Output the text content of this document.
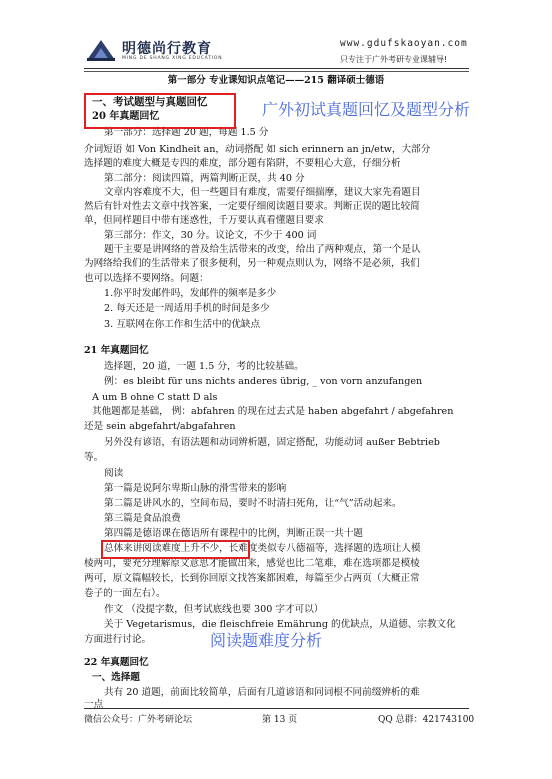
明德尚行教育
MING DE SHANG XING EDUCATION
www.gdufskaoyan.com
只专注于广外考研专业课辅导!
第一部分 专业课知识点笔记——215 翻译硕士德语
一、考试题型与真题回忆
20 年真题回忆
第一部分：选择题 20 题，每题 1.5 分
介词短语 如 Von Kindheit an，动词搭配 如 sich erinnern an jn/etw，大部分
选择题的难度大概是专四的难度，部分题有陷阱，不要粗心大意，仔细分析
第二部分：阅读四篇，两篇判断正误，共 40 分
文章内容难度不大，但一些题目有难度，需要仔细揣摩，建议大家先看题目
然后有针对性去文章中找答案，一定要仔细阅读题目要求。判断正误的题比较简
单，但同样题目中带有迷惑性，千万要认真看懂题目要求
第三部分：作文，30 分。议论文，不少于 400 词
题干主要是讲网络的普及给生活带来的改变，给出了两种观点，第一个是认
为网络给我们的生活带来了很多便利，另一种观点则认为，网络不是必须，我们
也可以选择不要网络。问题：
1.你平时发邮件吗，发邮件的频率是多少
2. 每天还是一周适用手机的时间是多少
3. 互联网在你工作和生活中的优缺点
21 年真题回忆
选择题，20 道，一题 1.5 分，考的比较基础。
例：es bleibt für uns nichts anderes übrig, _ von vorn anzufangen
A um B ohne C statt D als
其他题都是基础， 例：abfahren 的现在过去式是 haben abgefahrt / abgefahren
还是 sein abgefahrt/abgafahren
另外没有谚语，有语法题和动词辨析题，固定搭配，功能动词 außer Bebtrieb
等。
阅读
第一篇是说阿尔卑斯山脉的滑雪带来的影响
第二篇是讲风水的，空间布局，要时不时清扫死角，让“气”活动起来。
第三篇是食品浪费
第四篇是德语课在德语所有课程中的比例，判断正误一共十题
总体来讲阅读难度上升不少，长难度类似专八德福等，选择题的选项让人模
棱两可，要充分理解原文意思才能做出来，感觉也比二笔难，难在选项都是模棱
两可，原文篇幅较长，长到你回原文找答案都困难，每篇至少占两页（大概正常
卷子的一面左右）。
作文 （没提字数，但考试底线也要 300 字才可以）
关于 Vegetarismus，die fleischfreie Emährung 的优缺点，从道德、宗教文化
方面进行讨论。
22 年真题回忆
一、选择题
共有 20 道题，前面比较简单，后面有几道谚语和同词根不同前缀辨析的难
一点
广外初试真题回忆及题型分析
阅读题难度分析
微信公众号：广外考研论坛	第 13 页	QQ 总群：421743100
